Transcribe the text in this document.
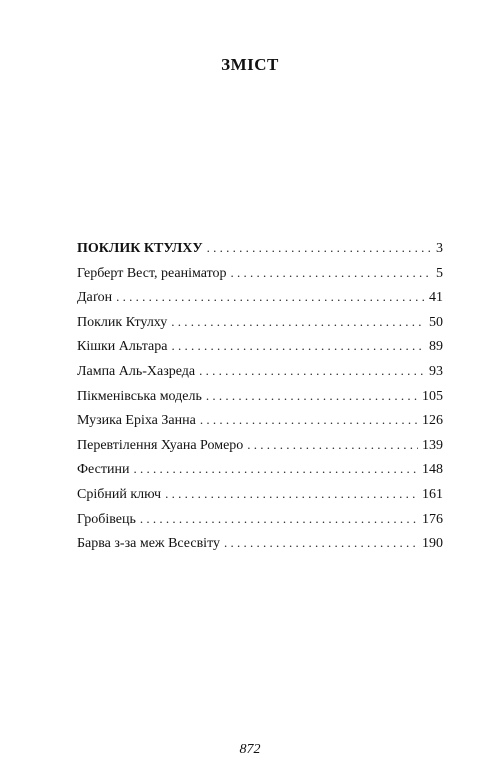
ЗМІСТ
ПОКЛИК КТУЛХУ . . .	3
Герберт Вест, реаніматор . . .	5
Даґон . . .	41
Поклик Ктулху . . .	50
Кішки Альтара . . .	89
Лампа Аль-Хазреда . . .	93
Пікменівська модель . . .	105
Музика Еріха Занна . . .	126
Перевтілення Хуана Ромеро . . .	139
Фестини . . .	148
Срібний ключ . . .	161
Гробівець . . .	176
Барва з-за меж Всесвіту . . .	190
872
